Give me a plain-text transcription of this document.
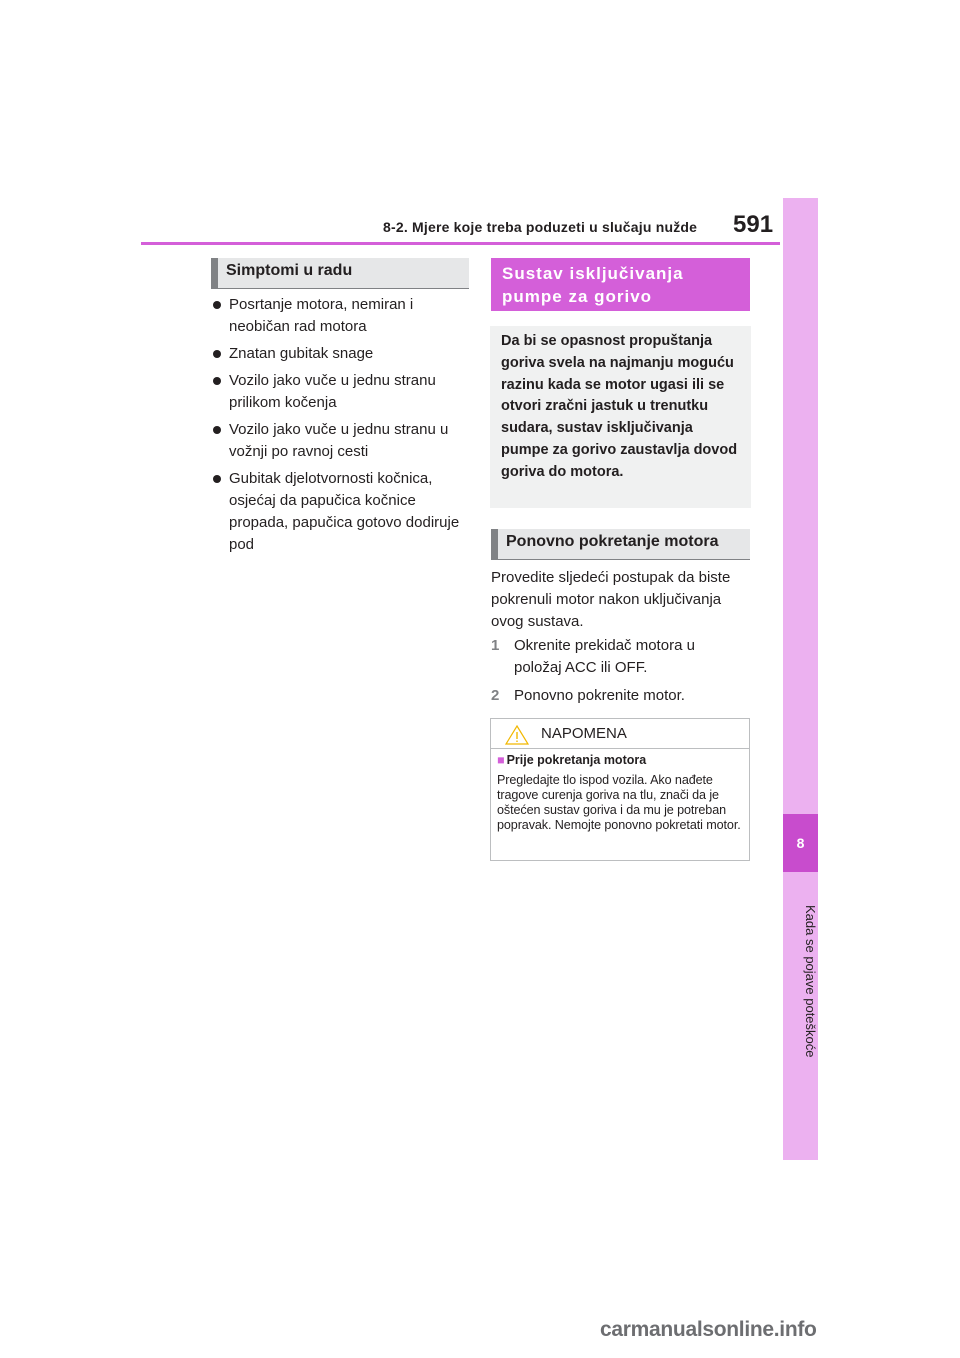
8-2. Mjere koje treba poduzeti u slučaju nužde 591
8
Kada se pojave poteškoće
Simptomi u radu
Posrtanje motora, nemiran i neobičan rad motora
Znatan gubitak snage
Vozilo jako vuče u jednu stranu prilikom kočenja
Vozilo jako vuče u jednu stranu u vožnji po ravnoj cesti
Gubitak djelotvornosti kočnica, osjećaj da papučica kočnice propada, papučica gotovo dodiruje pod
Sustav isključivanja pumpe za gorivo
Da bi se opasnost propuštanja goriva svela na najmanju moguću razinu kada se motor ugasi ili se otvori zračni jastuk u trenutku sudara, sustav isključivanja pumpe za gorivo zaustavlja dovod goriva do motora.
Ponovno pokretanje motora
Provedite sljedeći postupak da biste pokrenuli motor nakon uključivanja ovog sustava.
1 Okrenite prekidač motora u položaj ACC ili OFF.
2 Ponovno pokrenite motor.
NAPOMENA
■ Prije pokretanja motora
Pregledajte tlo ispod vozila. Ako nađete tragove curenja goriva na tlu, znači da je oštećen sustav goriva i da mu je potreban popravak. Nemojte ponovno pokretati motor.
carmanualsonline.info
